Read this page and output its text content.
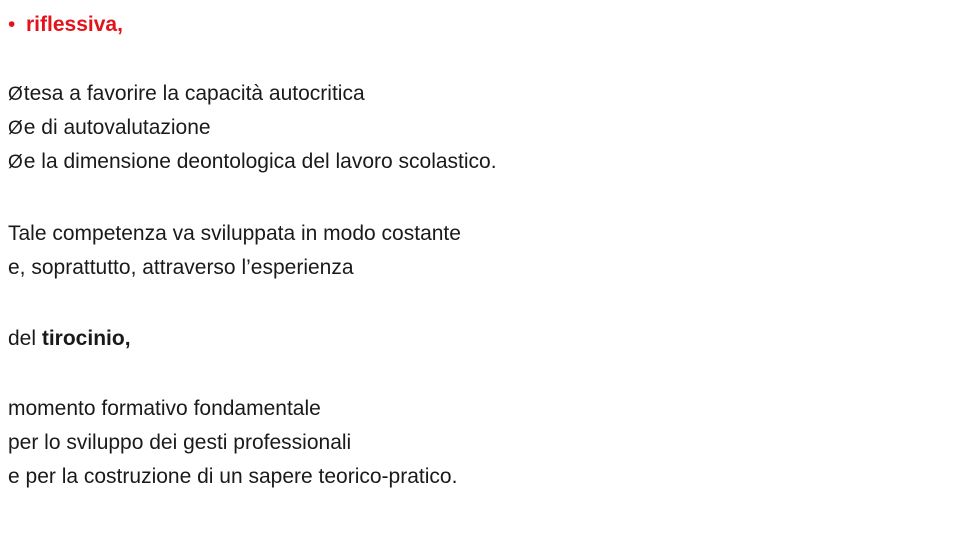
• riflessiva,
Øtesa a favorire la capacità autocritica
Øe di autovalutazione
Øe la dimensione deontologica del lavoro scolastico.
Tale competenza va sviluppata in modo costante
e, soprattutto, attraverso l’esperienza
del tirocinio,
momento formativo fondamentale
per lo sviluppo dei gesti professionali
e per la costruzione di un sapere teorico-pratico.
